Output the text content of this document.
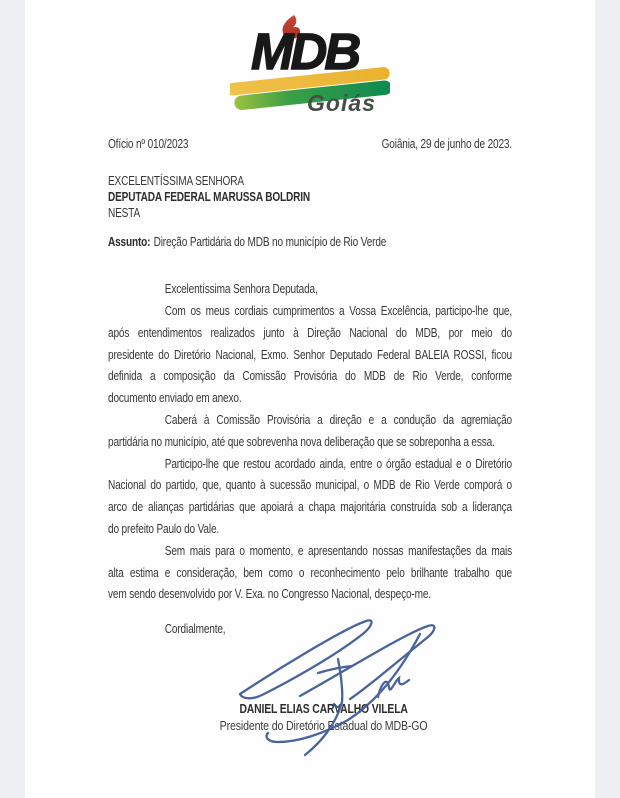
MDB
Goiás
Ofício nº 010/2023	Goiânia, 29 de junho de 2023.
EXCELENTÍSSIMA SENHORA
DEPUTADA FEDERAL MARUSSA BOLDRIN
NESTA
Assunto: Direção Partidária do MDB no município de Rio Verde
Excelentíssima Senhora Deputada,
Com os meus cordiais cumprimentos a Vossa Excelência, participo-lhe que,
após entendimentos realizados junto à Direção Nacional do MDB, por meio do
presidente do Diretório Nacional, Exmo. Senhor Deputado Federal BALEIA ROSSI, ficou
definida a composição da Comissão Provisória do MDB de Rio Verde, conforme
documento enviado em anexo.
Caberá à Comissão Provisória a direção e a condução da agremiação
partidária no município, até que sobrevenha nova deliberação que se sobreponha a essa.
Participo-lhe que restou acordado ainda, entre o órgão estadual e o Diretório
Nacional do partido, que, quanto à sucessão municipal, o MDB de Rio Verde comporá o
arco de alianças partidárias que apoiará a chapa majoritária construída sob a liderança
do prefeito Paulo do Vale.
Sem mais para o momento, e apresentando nossas manifestações da mais
alta estima e consideração, bem como o reconhecimento pelo brilhante trabalho que
vem sendo desenvolvido por V. Exa. no Congresso Nacional, despeço-me.
Cordialmente,
DANIEL ELIAS CARVALHO VILELA
Presidente do Diretório Estadual do MDB-GO
